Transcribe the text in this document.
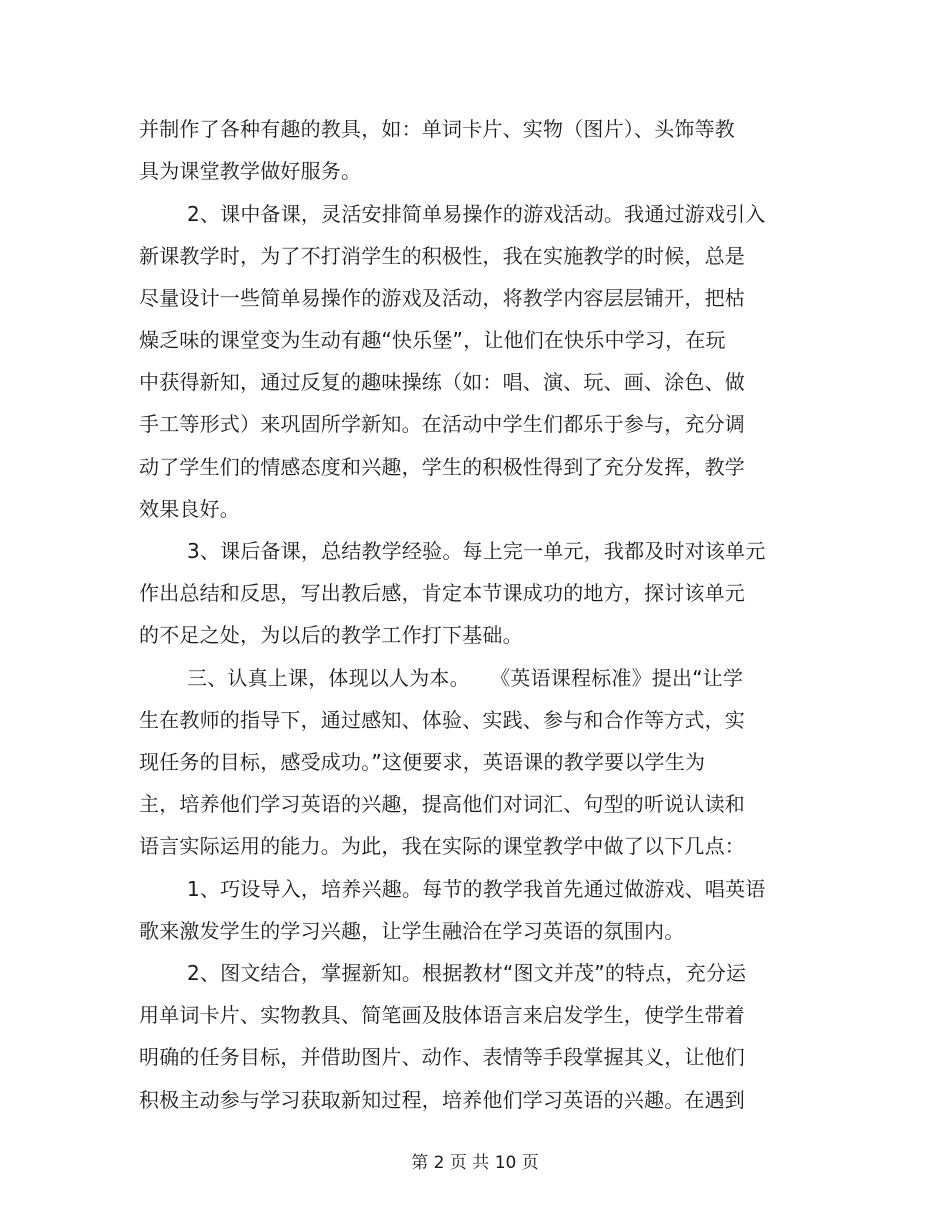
并制作了各种有趣的教具，如：单词卡片、实物（图片）、头饰等教
具为课堂教学做好服务。
2、课中备课，灵活安排简单易操作的游戏活动。我通过游戏引入
新课教学时，为了不打消学生的积极性，我在实施教学的时候，总是
尽量设计一些简单易操作的游戏及活动，将教学内容层层铺开，把枯
燥乏味的课堂变为生动有趣“快乐堡”，让他们在快乐中学习，在玩
中获得新知，通过反复的趣味操练（如：唱、演、玩、画、涂色、做
手工等形式）来巩固所学新知。在活动中学生们都乐于参与，充分调
动了学生们的情感态度和兴趣，学生的积极性得到了充分发挥，教学
效果良好。
3、课后备课，总结教学经验。每上完一单元，我都及时对该单元
作出总结和反思，写出教后感，肯定本节课成功的地方，探讨该单元
的不足之处，为以后的教学工作打下基础。
三、认真上课，体现以人为本。　　《英语课程标准》提出“让学
生在教师的指导下，通过感知、体验、实践、参与和合作等方式，实
现任务的目标，感受成功。”这便要求，英语课的教学要以学生为
主，培养他们学习英语的兴趣，提高他们对词汇、句型的听说认读和
语言实际运用的能力。为此，我在实际的课堂教学中做了以下几点：
1、巧设导入，培养兴趣。每节的教学我首先通过做游戏、唱英语
歌来激发学生的学习兴趣，让学生融洽在学习英语的氛围内。
2、图文结合，掌握新知。根据教材“图文并茂”的特点，充分运
用单词卡片、实物教具、简笔画及肢体语言来启发学生，使学生带着
明确的任务目标，并借助图片、动作、表情等手段掌握其义，让他们
积极主动参与学习获取新知过程，培养他们学习英语的兴趣。在遇到
第 2 页 共 10 页
